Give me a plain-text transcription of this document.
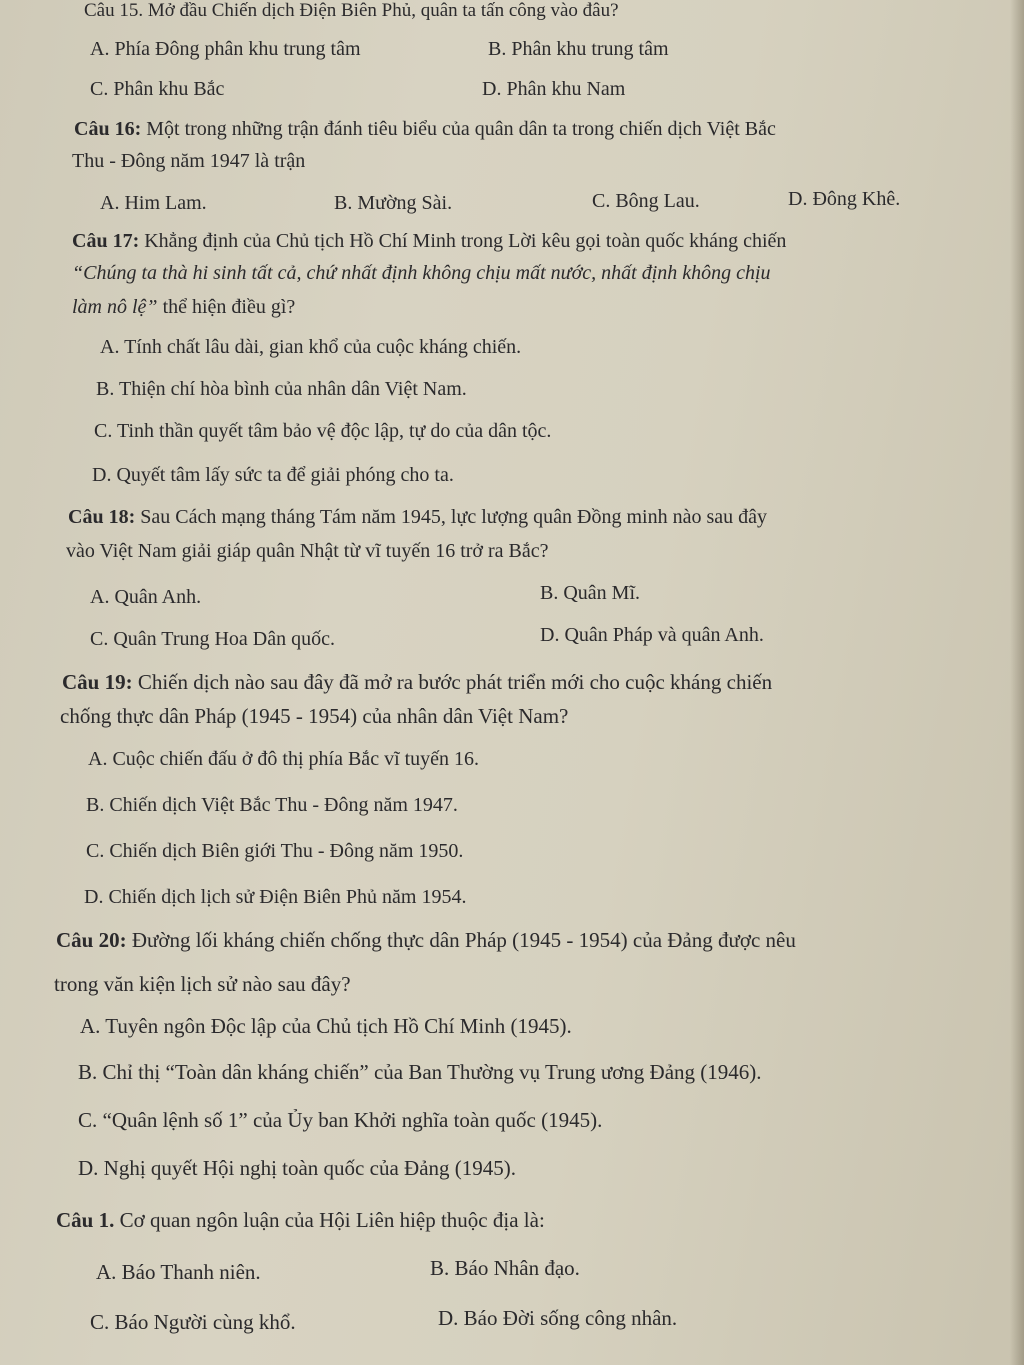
Câu 15. Mở đầu Chiến dịch Điện Biên Phủ, quân ta tấn công vào đâu?
A. Phía Đông phân khu trung tâm	B. Phân khu trung tâm
C. Phân khu Bắc	D. Phân khu Nam
Câu 16: Một trong những trận đánh tiêu biểu của quân dân ta trong chiến dịch Việt Bắc
Thu - Đông năm 1947 là trận
A. Him Lam.	B. Mường Sài.	C. Bông Lau.	D. Đông Khê.
Câu 17: Khẳng định của Chủ tịch Hồ Chí Minh trong Lời kêu gọi toàn quốc kháng chiến
“Chúng ta thà hi sinh tất cả, chứ nhất định không chịu mất nước, nhất định không chịu
làm nô lệ” thể hiện điều gì?
A. Tính chất lâu dài, gian khổ của cuộc kháng chiến.
B. Thiện chí hòa bình của nhân dân Việt Nam.
C. Tinh thần quyết tâm bảo vệ độc lập, tự do của dân tộc.
D. Quyết tâm lấy sức ta để giải phóng cho ta.
Câu 18: Sau Cách mạng tháng Tám năm 1945, lực lượng quân Đồng minh nào sau đây
vào Việt Nam giải giáp quân Nhật từ vĩ tuyến 16 trở ra Bắc?
A. Quân Anh.	B. Quân Mĩ.
C. Quân Trung Hoa Dân quốc.	D. Quân Pháp và quân Anh.
Câu 19: Chiến dịch nào sau đây đã mở ra bước phát triển mới cho cuộc kháng chiến
chống thực dân Pháp (1945 - 1954) của nhân dân Việt Nam?
A. Cuộc chiến đấu ở đô thị phía Bắc vĩ tuyến 16.
B. Chiến dịch Việt Bắc Thu - Đông năm 1947.
C. Chiến dịch Biên giới Thu - Đông năm 1950.
D. Chiến dịch lịch sử Điện Biên Phủ năm 1954.
Câu 20: Đường lối kháng chiến chống thực dân Pháp (1945 - 1954) của Đảng được nêu
trong văn kiện lịch sử nào sau đây?
A. Tuyên ngôn Độc lập của Chủ tịch Hồ Chí Minh (1945).
B. Chỉ thị “Toàn dân kháng chiến” của Ban Thường vụ Trung ương Đảng (1946).
C. “Quân lệnh số 1” của Ủy ban Khởi nghĩa toàn quốc (1945).
D. Nghị quyết Hội nghị toàn quốc của Đảng (1945).
Câu 1. Cơ quan ngôn luận của Hội Liên hiệp thuộc địa là:
A. Báo Thanh niên.	B. Báo Nhân đạo.
C. Báo Người cùng khổ.	D. Báo Đời sống công nhân.
